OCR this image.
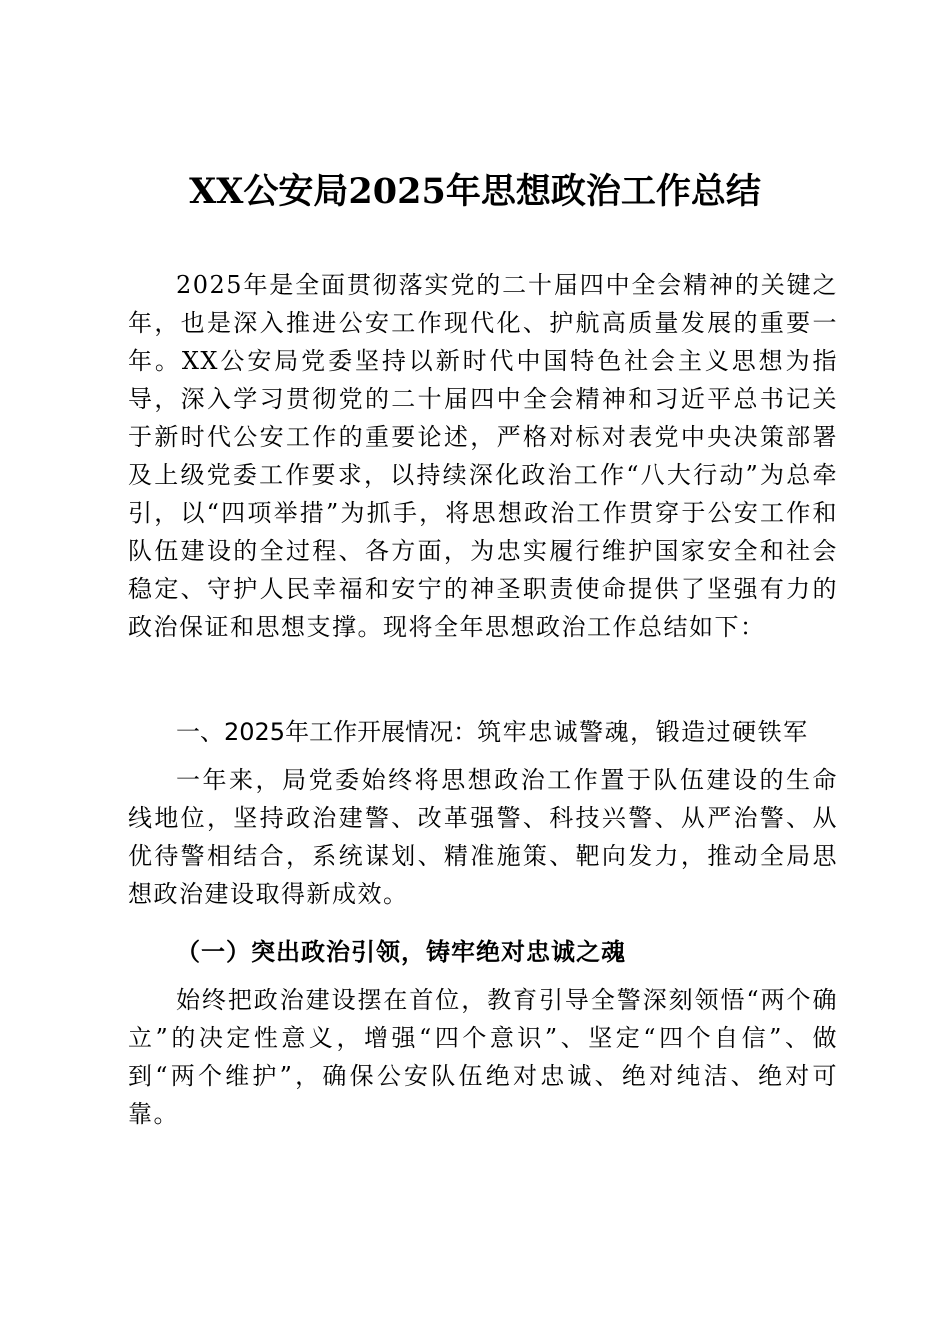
XX公安局2025年思想政治工作总结

2025年是全面贯彻落实党的二十届四中全会精神的关键之年，也是深入推进公安工作现代化、护航高质量发展的重要一年。XX公安局党委坚持以新时代中国特色社会主义思想为指导，深入学习贯彻党的二十届四中全会精神和习近平总书记关于新时代公安工作的重要论述，严格对标对表党中央决策部署及上级党委工作要求，以持续深化政治工作“八大行动”为总牵引，以“四项举措”为抓手，将思想政治工作贯穿于公安工作和队伍建设的全过程、各方面，为忠实履行维护国家安全和社会稳定、守护人民幸福和安宁的神圣职责使命提供了坚强有力的政治保证和思想支撑。现将全年思想政治工作总结如下：

一、2025年工作开展情况：筑牢忠诚警魂，锻造过硬铁军

一年来，局党委始终将思想政治工作置于队伍建设的生命线地位，坚持政治建警、改革强警、科技兴警、从严治警、从优待警相结合，系统谋划、精准施策、靶向发力，推动全局思想政治建设取得新成效。

（一）突出政治引领，铸牢绝对忠诚之魂

始终把政治建设摆在首位，教育引导全警深刻领悟“两个确立”的决定性意义，增强“四个意识”、坚定“四个自信”、做到“两个维护”，确保公安队伍绝对忠诚、绝对纯洁、绝对可靠。
